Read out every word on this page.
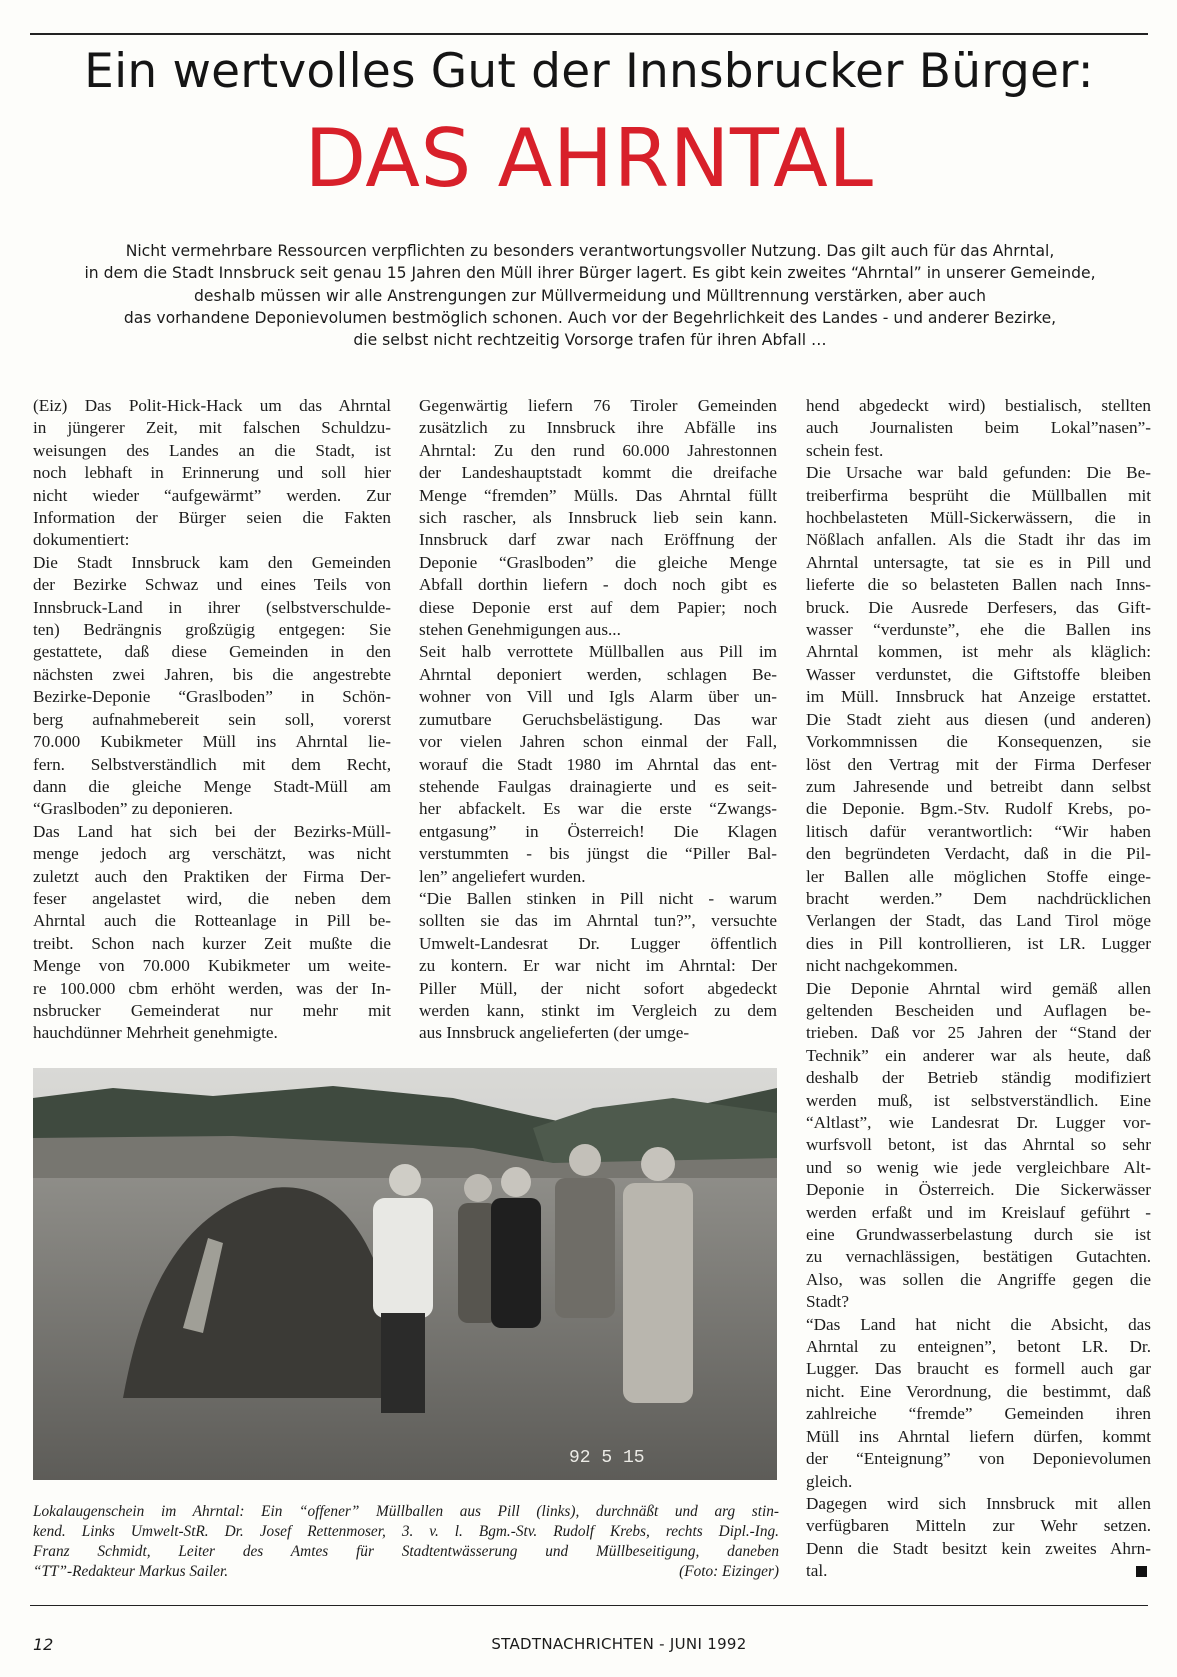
Ein wertvolles Gut der Innsbrucker Bürger:
DAS AHRNTAL
Nicht vermehrbare Ressourcen verpflichten zu besonders verantwortungsvoller Nutzung. Das gilt auch für das Ahrntal,
in dem die Stadt Innsbruck seit genau 15 Jahren den Müll ihrer Bürger lagert. Es gibt kein zweites “Ahrntal” in unserer Gemeinde,
deshalb müssen wir alle Anstrengungen zur Müllvermeidung und Mülltrennung verstärken, aber auch
das vorhandene Deponievolumen bestmöglich schonen. Auch vor der Begehrlichkeit des Landes - und anderer Bezirke,
die selbst nicht rechtzeitig Vorsorge trafen für ihren Abfall …
(Eiz) Das Polit-Hick-Hack um das Ahrntal
in jüngerer Zeit, mit falschen Schuldzu-
weisungen des Landes an die Stadt, ist
noch lebhaft in Erinnerung und soll hier
nicht wieder “aufgewärmt” werden. Zur
Information der Bürger seien die Fakten
dokumentiert:
Die Stadt Innsbruck kam den Gemeinden
der Bezirke Schwaz und eines Teils von
Innsbruck-Land in ihrer (selbstverschulde-
ten) Bedrängnis großzügig entgegen: Sie
gestattete, daß diese Gemeinden in den
nächsten zwei Jahren, bis die angestrebte
Bezirke-Deponie “Graslboden” in Schön-
berg aufnahmebereit sein soll, vorerst
70.000 Kubikmeter Müll ins Ahrntal lie-
fern. Selbstverständlich mit dem Recht,
dann die gleiche Menge Stadt-Müll am
“Graslboden” zu deponieren.
Das Land hat sich bei der Bezirks-Müll-
menge jedoch arg verschätzt, was nicht
zuletzt auch den Praktiken der Firma Der-
feser angelastet wird, die neben dem
Ahrntal auch die Rotteanlage in Pill be-
treibt. Schon nach kurzer Zeit mußte die
Menge von 70.000 Kubikmeter um weite-
re 100.000 cbm erhöht werden, was der In-
nsbrucker Gemeinderat nur mehr mit
hauchdünner Mehrheit genehmigte.
Gegenwärtig liefern 76 Tiroler Gemeinden
zusätzlich zu Innsbruck ihre Abfälle ins
Ahrntal: Zu den rund 60.000 Jahrestonnen
der Landeshauptstadt kommt die dreifache
Menge “fremden” Mülls. Das Ahrntal füllt
sich rascher, als Innsbruck lieb sein kann.
Innsbruck darf zwar nach Eröffnung der
Deponie “Graslboden” die gleiche Menge
Abfall dorthin liefern - doch noch gibt es
diese Deponie erst auf dem Papier; noch
stehen Genehmigungen aus...
Seit halb verrottete Müllballen aus Pill im
Ahrntal deponiert werden, schlagen Be-
wohner von Vill und Igls Alarm über un-
zumutbare Geruchsbelästigung. Das war
vor vielen Jahren schon einmal der Fall,
worauf die Stadt 1980 im Ahrntal das ent-
stehende Faulgas drainagierte und es seit-
her abfackelt. Es war die erste “Zwangs-
entgasung” in Österreich! Die Klagen
verstummten - bis jüngst die “Piller Bal-
len” angeliefert wurden.
“Die Ballen stinken in Pill nicht - warum
sollten sie das im Ahrntal tun?”, versuchte
Umwelt-Landesrat Dr. Lugger öffentlich
zu kontern. Er war nicht im Ahrntal: Der
Piller Müll, der nicht sofort abgedeckt
werden kann, stinkt im Vergleich zu dem
aus Innsbruck angelieferten (der umge-
hend abgedeckt wird) bestialisch, stellten
auch Journalisten beim Lokal”nasen”-
schein fest.
Die Ursache war bald gefunden: Die Be-
treiberfirma besprüht die Müllballen mit
hochbelasteten Müll-Sickerwässern, die in
Nößlach anfallen. Als die Stadt ihr das im
Ahrntal untersagte, tat sie es in Pill und
lieferte die so belasteten Ballen nach Inns-
bruck. Die Ausrede Derfesers, das Gift-
wasser “verdunste”, ehe die Ballen ins
Ahrntal kommen, ist mehr als kläglich:
Wasser verdunstet, die Giftstoffe bleiben
im Müll. Innsbruck hat Anzeige erstattet.
Die Stadt zieht aus diesen (und anderen)
Vorkommnissen die Konsequenzen, sie
löst den Vertrag mit der Firma Derfeser
zum Jahresende und betreibt dann selbst
die Deponie. Bgm.-Stv. Rudolf Krebs, po-
litisch dafür verantwortlich: “Wir haben
den begründeten Verdacht, daß in die Pil-
ler Ballen alle möglichen Stoffe einge-
bracht werden.” Dem nachdrücklichen
Verlangen der Stadt, das Land Tirol möge
dies in Pill kontrollieren, ist LR. Lugger
nicht nachgekommen.
Die Deponie Ahrntal wird gemäß allen
geltenden Bescheiden und Auflagen be-
trieben. Daß vor 25 Jahren der “Stand der
Technik” ein anderer war als heute, daß
deshalb der Betrieb ständig modifiziert
werden muß, ist selbstverständlich. Eine
“Altlast”, wie Landesrat Dr. Lugger vor-
wurfsvoll betont, ist das Ahrntal so sehr
und so wenig wie jede vergleichbare Alt-
Deponie in Österreich. Die Sickerwässer
werden erfaßt und im Kreislauf geführt -
eine Grundwasserbelastung durch sie ist
zu vernachlässigen, bestätigen Gutachten.
Also, was sollen die Angriffe gegen die
Stadt?
“Das Land hat nicht die Absicht, das
Ahrntal zu enteignen”, betont LR. Dr.
Lugger. Das braucht es formell auch gar
nicht. Eine Verordnung, die bestimmt, daß
zahlreiche “fremde” Gemeinden ihren
Müll ins Ahrntal liefern dürfen, kommt
der “Enteignung” von Deponievolumen
gleich.
Dagegen wird sich Innsbruck mit allen
verfügbaren Mitteln zur Wehr setzen.
Denn die Stadt besitzt kein zweites Ahrn-
tal.
92 5 15
Lokalaugenschein im Ahrntal: Ein “offener” Müllballen aus Pill (links), durchnäßt und arg stin-
kend. Links Umwelt-StR. Dr. Josef Rettenmoser, 3. v. l. Bgm.-Stv. Rudolf Krebs, rechts Dipl.-Ing.
Franz Schmidt, Leiter des Amtes für Stadtentwässerung und Müllbeseitigung, daneben
“TT”-Redakteur Markus Sailer.	(Foto: Eizinger)
12	STADTNACHRICHTEN - JUNI 1992
